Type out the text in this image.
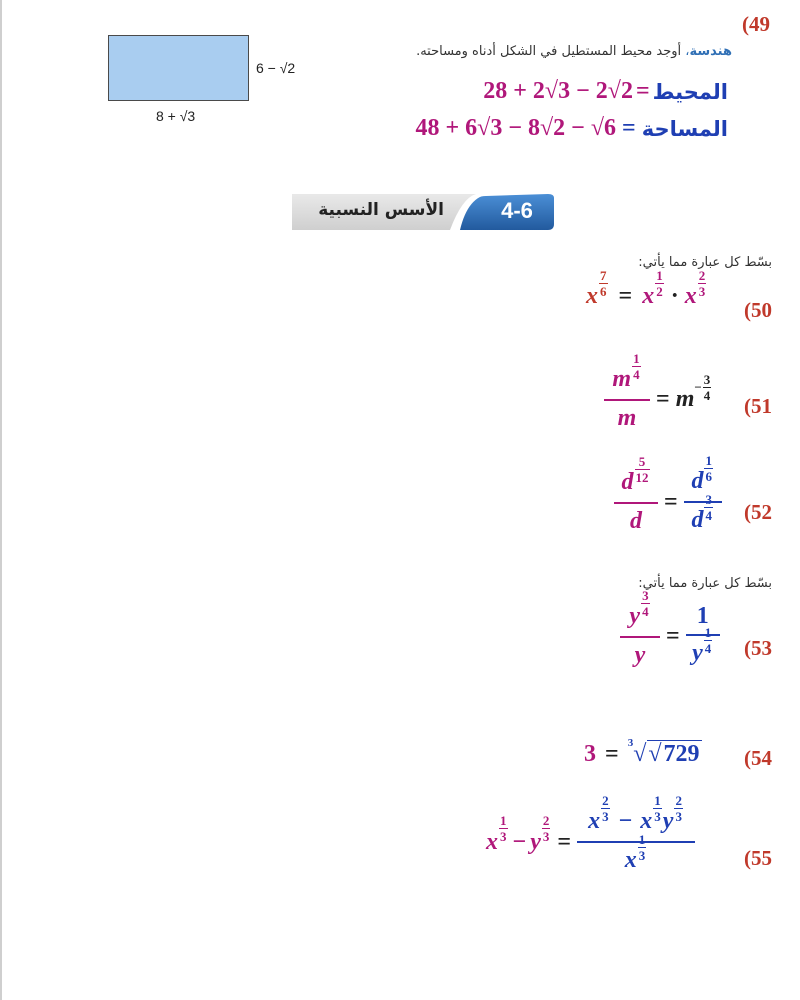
(49
6 − √2
8 + √3
هندسة، أوجد محيط المستطيل في الشكل أدناه ومساحته.
28 + 2√3 − 2√2 = المحيط
48 + 6√3 − 8√2 − √6 = المساحة
الأسس النسبية	4-6
بسّط كل عبارة مما يأتي:
(50
x $\frac{7}{6} = x \frac{1}{2} \cdot x \frac{2}{3}$
(51
m $\frac{1}{4}$
m
= $m - \frac{3}{4}$
(52
d $\frac{5}{12}$
d
=
d $\frac{1}{6}$
d $\frac{3}{4}$
بسّط كل عبارة مما يأتي:
(53
y $\frac{3}{4}$
y
=
1
y $\frac{1}{4}$
(54
3 = $^3$√√729
(55
x $\frac{1}{3} - y \frac{2}{3}$ =
x $\frac{2}{3} - x \frac{1}{3}$ y $\frac{2}{3}$
x $\frac{1}{3}$
